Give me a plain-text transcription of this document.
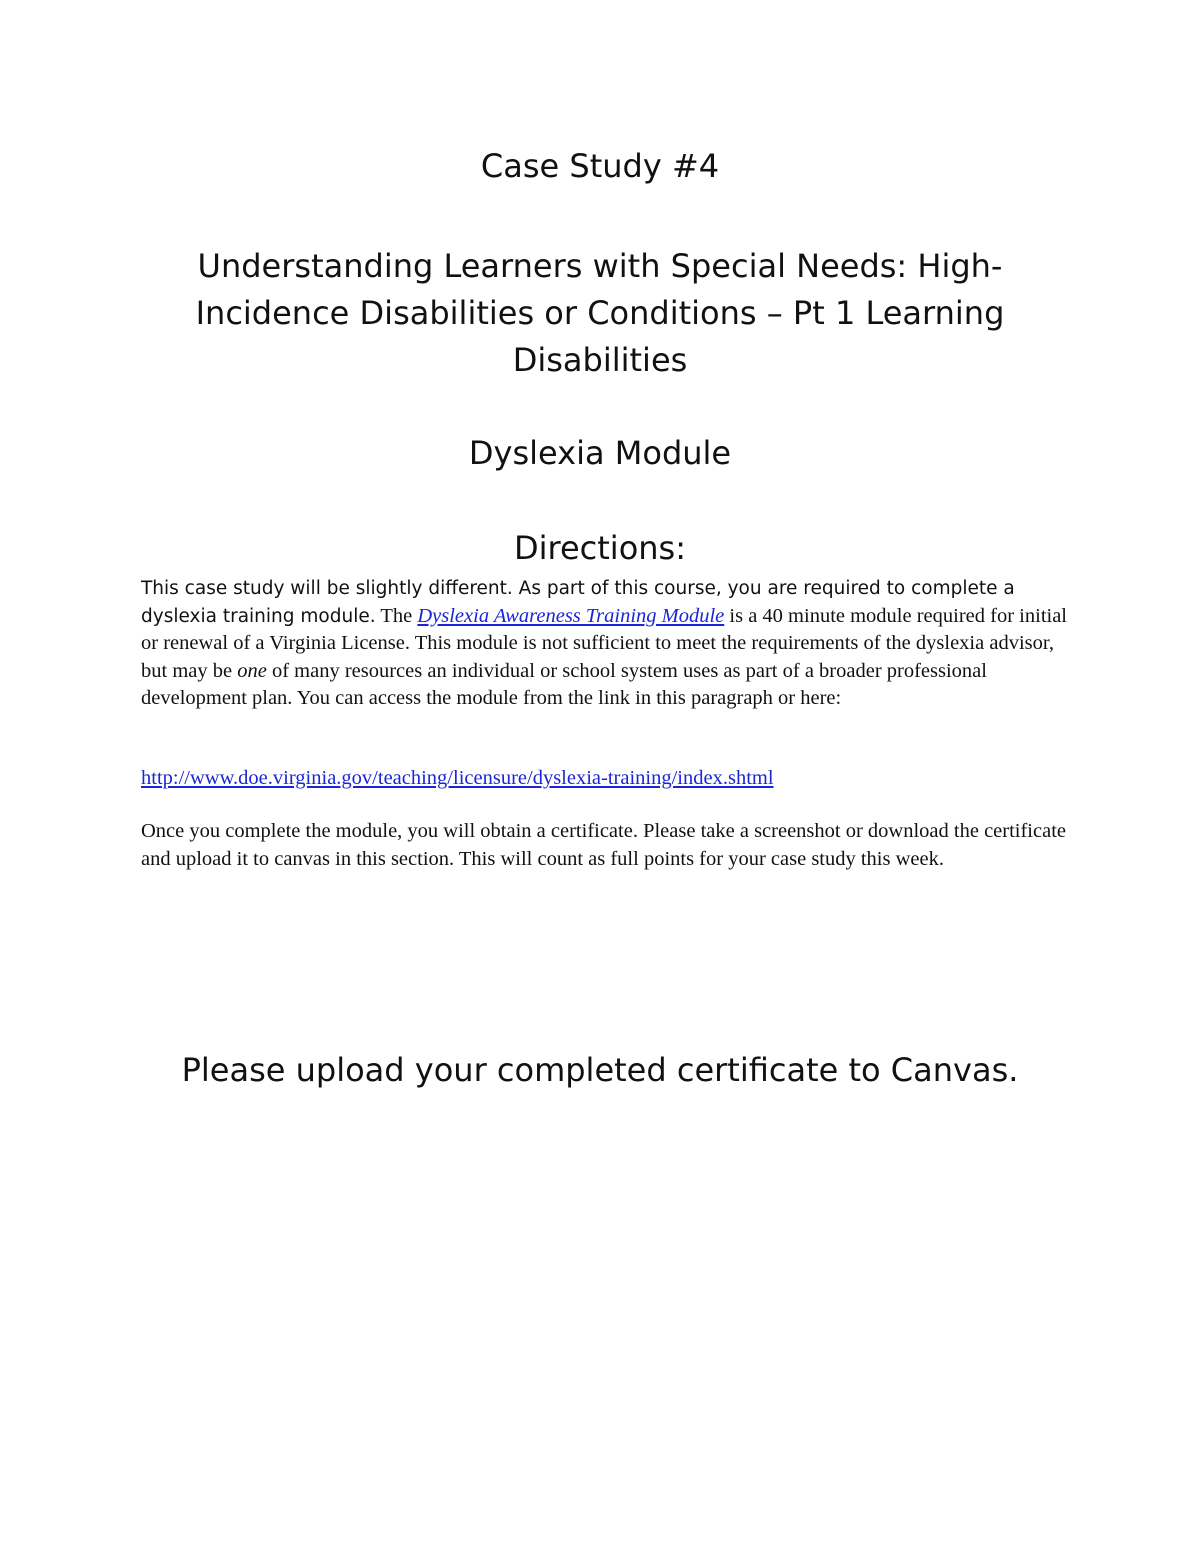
Case Study #4
Understanding Learners with Special Needs: High-
Incidence Disabilities or Conditions – Pt 1 Learning
Disabilities
Dyslexia Module
Directions:
This case study will be slightly different. As part of this course, you are required to complete a dyslexia training module. The Dyslexia Awareness Training Module is a 40 minute module required for initial or renewal of a Virginia License. This module is not sufficient to meet the requirements of the dyslexia advisor, but may be one of many resources an individual or school system uses as part of a broader professional development plan. You can access the module from the link in this paragraph or here:
http://www.doe.virginia.gov/teaching/licensure/dyslexia-training/index.shtml
Once you complete the module, you will obtain a certificate. Please take a screenshot or download the certificate and upload it to canvas in this section. This will count as full points for your case study this week.
Please upload your completed certificate to Canvas.
